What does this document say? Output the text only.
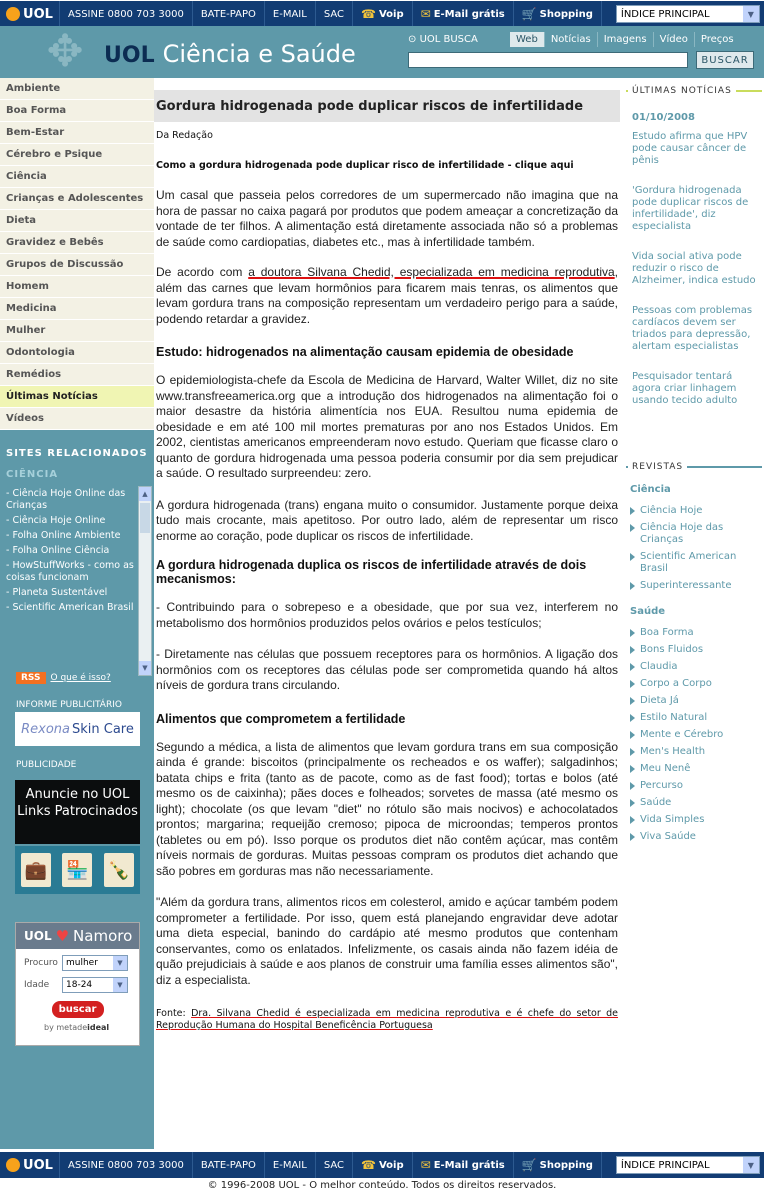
UOL	ASSINE 0800 703 3000	BATE-PAPO	E-MAIL	SAC	☎ Voip ✉ E-Mail grátis 🛒 Shopping	ÍNDICE PRINCIPAL	▼
✥ UOL Ciência e Saúde
⊙ UOL BUSCA	Web	Notícias	Imagens	Vídeo	Preços
BUSCAR
Ambiente
Boa Forma
Bem-Estar
Cérebro e Psique
Ciência
Crianças e Adolescentes
Dieta
Gravidez e Bebês
Grupos de Discussão
Homem
Medicina
Mulher
Odontologia
Remédios
Últimas Notícias
Vídeos
SITES RELACIONADOS
CIÊNCIA
- Ciência Hoje Online das Crianças
- Ciência Hoje Online
- Folha Online Ambiente
- Folha Online Ciência
- HowStuffWorks - como as coisas funcionam
- Planeta Sustentável
- Scientific American Brasil
▲
▼
RSS	O que é isso?
INFORME PUBLICITÁRIO
Rexona Skin Care
PUBLICIDADE
Anuncie no UOL Links Patrocinados
💼 🏪 🍾
UOL ♥ Namoro
Procuro mulher	▼
Idade	18-24	▼
buscar
by metadeideal
Gordura hidrogenada pode duplicar riscos de infertilidade
Da Redação
Como a gordura hidrogenada pode duplicar risco de infertilidade - clique aqui

Um casal que passeia pelos corredores de um supermercado não imagina que na hora de passar no caixa pagará por produtos que podem ameaçar a concretização da vontade de ter filhos. A alimentação está diretamente associada não só a problemas de saúde como cardiopatias, diabetes etc., mas à infertilidade também.

De acordo com a doutora Silvana Chedid, especializada em medicina reprodutiva, além das carnes que levam hormônios para ficarem mais tenras, os alimentos que levam gordura trans na composição representam um verdadeiro perigo para a saúde, podendo retardar a gravidez.

Estudo: hidrogenados na alimentação causam epidemia de obesidade

O epidemiologista-chefe da Escola de Medicina de Harvard, Walter Willet, diz no site www.transfreeamerica.org que a introdução dos hidrogenados na alimentação foi o maior desastre da história alimentícia nos EUA. Resultou numa epidemia de obesidade e em até 100 mil mortes prematuras por ano nos Estados Unidos. Em 2002, cientistas americanos empreenderam novo estudo. Queriam que ficasse claro o quanto de gordura hidrogenada uma pessoa poderia consumir por dia sem prejudicar a saúde. O resultado surpreendeu: zero.

A gordura hidrogenada (trans) engana muito o consumidor. Justamente porque deixa tudo mais crocante, mais apetitoso. Por outro lado, além de representar um risco enorme ao coração, pode duplicar os riscos de infertilidade.

A gordura hidrogenada duplica os riscos de infertilidade através de dois mecanismos:

- Contribuindo para o sobrepeso e a obesidade, que por sua vez, interferem no metabolismo dos hormônios produzidos pelos ovários e pelos testículos;

- Diretamente nas células que possuem receptores para os hormônios. A ligação dos hormônios com os receptores das células pode ser comprometida quando há altos níveis de gordura trans circulando.

Alimentos que comprometem a fertilidade

Segundo a médica, a lista de alimentos que levam gordura trans em sua composição ainda é grande: biscoitos (principalmente os recheados e os waffer); salgadinhos; batata chips e frita (tanto as de pacote, como as de fast food); tortas e bolos (até mesmo os de caixinha); pães doces e folheados; sorvetes de massa (até mesmo os light); chocolate (os que levam "diet" no rótulo são mais nocivos) e achocolatados prontos; margarina; requeijão cremoso; pipoca de microondas; temperos prontos (tabletes ou em pó). Isso porque os produtos diet não contêm açúcar, mas contêm níveis normais de gorduras. Muitas pessoas compram os produtos diet achando que são pobres em gorduras mas não necessariamente.

"Além da gordura trans, alimentos ricos em colesterol, amido e açúcar também podem comprometer a fertilidade. Por isso, quem está planejando engravidar deve adotar uma dieta especial, banindo do cardápio até mesmo produtos que contenham conservantes, como os enlatados. Infelizmente, os casais ainda não fazem idéia de quão prejudiciais à saúde e aos planos de construir uma família esses alimentos são", diz a especialista.

Fonte: Dra. Silvana Chedid é especializada em medicina reprodutiva e é chefe do setor de Reprodução Humana do Hospital Beneficência Portuguesa
ÚLTIMAS NOTÍCIAS
01/10/2008
Estudo afirma que HPV pode causar câncer de pênis
'Gordura hidrogenada pode duplicar riscos de infertilidade', diz especialista
Vida social ativa pode reduzir o risco de Alzheimer, indica estudo
Pessoas com problemas cardíacos devem ser triados para depressão, alertam especialistas
Pesquisador tentará agora criar linhagem usando tecido adulto
REVISTAS
Ciência
Ciência Hoje
Ciência Hoje das Crianças
Scientific American Brasil
Superinteressante
Saúde
Boa Forma
Bons Fluidos
Claudia
Corpo a Corpo
Dieta Já
Estilo Natural
Mente e Cérebro
Men's Health
Meu Nenê
Percurso
Saúde
Vida Simples
Viva Saúde
UOL	ASSINE 0800 703 3000	BATE-PAPO	E-MAIL	SAC	☎ Voip ✉ E-Mail grátis 🛒 Shopping	ÍNDICE PRINCIPAL	▼
© 1996-2008 UOL - O melhor conteúdo. Todos os direitos reservados.
